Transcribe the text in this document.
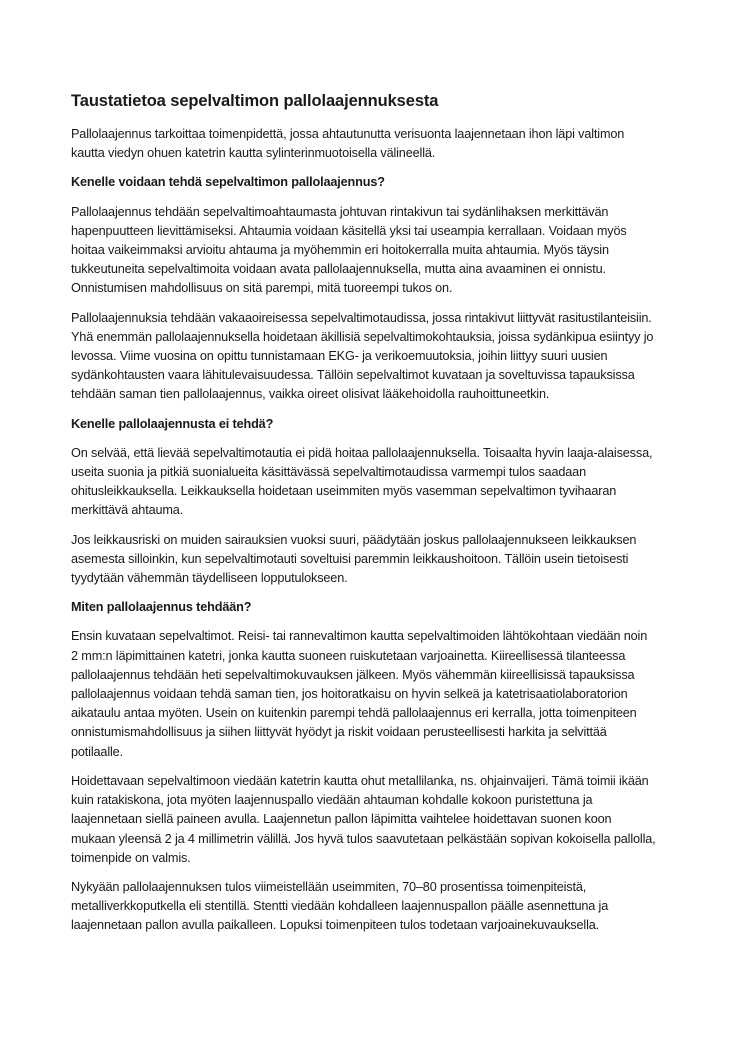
Taustatietoa sepelvaltimon pallolaajennuksesta
Pallolaajennus tarkoittaa toimenpidettä, jossa ahtautunutta verisuonta laajennetaan ihon läpi valtimon
kautta viedyn ohuen katetrin kautta sylinterinmuotoisella välineellä.
Kenelle voidaan tehdä sepelvaltimon pallolaajennus?
Pallolaajennus tehdään sepelvaltimoahtaumasta johtuvan rintakivun tai sydänlihaksen merkittävän
hapenpuutteen lievittämiseksi. Ahtaumia voidaan käsitellä yksi tai useampia kerrallaan. Voidaan myös
hoitaa vaikeimmaksi arvioitu ahtauma ja myöhemmin eri hoitokerralla muita ahtaumia. Myös täysin
tukkeutuneita sepelvaltimoita voidaan avata pallolaajennuksella, mutta aina avaaminen ei onnistu.
Onnistumisen mahdollisuus on sitä parempi, mitä tuoreempi tukos on.
Pallolaajennuksia tehdään vakaaoireisessa sepelvaltimotaudissa, jossa rintakivut liittyvät rasitustilanteisiin.
Yhä enemmän pallolaajennuksella hoidetaan äkillisiä sepelvaltimokohtauksia, joissa sydänkipua esiintyy jo
levossa. Viime vuosina on opittu tunnistamaan EKG- ja verikoemuutoksia, joihin liittyy suuri uusien
sydänkohtausten vaara lähitulevaisuudessa. Tällöin sepelvaltimot kuvataan ja soveltuvissa tapauksissa
tehdään saman tien pallolaajennus, vaikka oireet olisivat lääkehoidolla rauhoittuneetkin.
Kenelle pallolaajennusta ei tehdä?
On selvää, että lievää sepelvaltimotautia ei pidä hoitaa pallolaajennuksella. Toisaalta hyvin laaja-alaisessa,
useita suonia ja pitkiä suonialueita käsittävässä sepelvaltimotaudissa varmempi tulos saadaan
ohitusleikkauksella. Leikkauksella hoidetaan useimmiten myös vasemman sepelvaltimon tyvihaaran
merkittävä ahtauma.
Jos leikkausriski on muiden sairauksien vuoksi suuri, päädytään joskus pallolaajennukseen leikkauksen
asemesta silloinkin, kun sepelvaltimotauti soveltuisi paremmin leikkaushoitoon. Tällöin usein tietoisesti
tyydytään vähemmän täydelliseen lopputulokseen.
Miten pallolaajennus tehdään?
Ensin kuvataan sepelvaltimot. Reisi- tai rannevaltimon kautta sepelvaltimoiden lähtökohtaan viedään noin
2 mm:n läpimittainen katetri, jonka kautta suoneen ruiskutetaan varjoainetta. Kiireellisessä tilanteessa
pallolaajennus tehdään heti sepelvaltimokuvauksen jälkeen. Myös vähemmän kiireellisissä tapauksissa
pallolaajennus voidaan tehdä saman tien, jos hoitoratkaisu on hyvin selkeä ja katetrisaatiolaboratorion
aikataulu antaa myöten. Usein on kuitenkin parempi tehdä pallolaajennus eri kerralla, jotta toimenpiteen
onnistumismahdollisuus ja siihen liittyvät hyödyt ja riskit voidaan perusteellisesti harkita ja selvittää
potilaalle.
Hoidettavaan sepelvaltimoon viedään katetrin kautta ohut metallilanka, ns. ohjainvaijeri. Tämä toimii ikään
kuin ratakiskona, jota myöten laajennuspallo viedään ahtauman kohdalle kokoon puristettuna ja
laajennetaan siellä paineen avulla. Laajennetun pallon läpimitta vaihtelee hoidettavan suonen koon
mukaan yleensä 2 ja 4 millimetrin välillä. Jos hyvä tulos saavutetaan pelkästään sopivan kokoisella pallolla,
toimenpide on valmis.
Nykyään pallolaajennuksen tulos viimeistellään useimmiten, 70–80 prosentissa toimenpiteistä,
metalliverkkoputkella eli stentillä. Stentti viedään kohdalleen laajennuspallon päälle asennettuna ja
laajennetaan pallon avulla paikalleen. Lopuksi toimenpiteen tulos todetaan varjoainekuvauksella.
